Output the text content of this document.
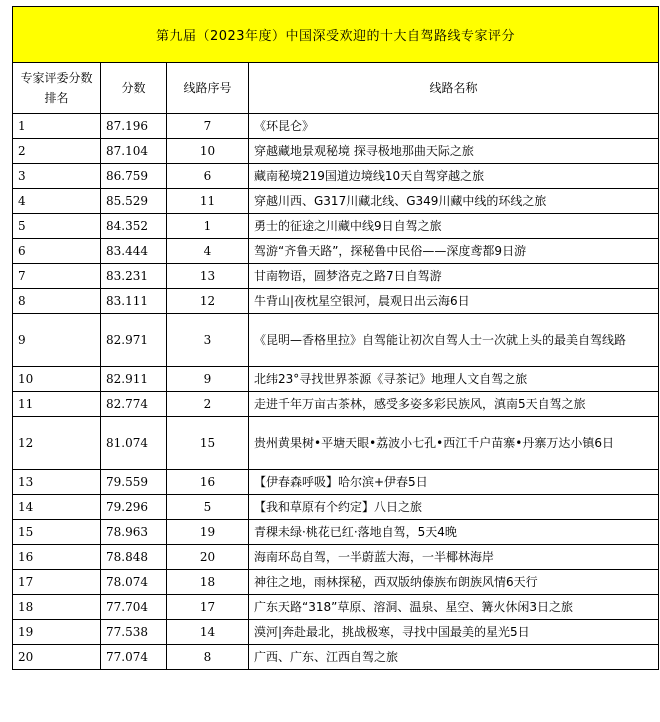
第九届（2023年度）中国深受欢迎的十大自驾路线专家评分			
专家评委分数排名	分数	线路序号	线路名称
1	87.196	7	《环昆仑》
2	87.104	10	穿越藏地景观秘境 探寻极地那曲天际之旅
3	86.759	6	藏南秘境219国道边境线10天自驾穿越之旅
4	85.529	11	穿越川西、G317川藏北线、G349川藏中线的环线之旅
5	84.352	1	勇士的征途之川藏中线9日自驾之旅
6	83.444	4	驾游“齐鲁天路”，探秘鲁中民俗——深度鸢都9日游
7	83.231	13	甘南物语，圆梦洛克之路7日自驾游
8	83.111	12	牛背山|夜枕星空银河，晨观日出云海6日
9	82.971	3	《昆明—香格里拉》自驾能让初次自驾人士一次就上头的最美自驾线路
10	82.911	9	北纬23°寻找世界茶源《寻茶记》地理人文自驾之旅
11	82.774	2	走进千年万亩古茶林，感受多姿多彩民族风，滇南5天自驾之旅
12	81.074	15	贵州黄果树•平塘天眼•荔波小七孔•西江千户苗寨•丹寨万达小镇6日
13	79.559	16	【伊春森呼吸】哈尔滨+伊春5日
14	79.296	5	【我和草原有个约定】八日之旅
15	78.963	19	青稞未绿·桃花已红·落地自驾，5天4晚
16	78.848	20	海南环岛自驾，一半蔚蓝大海，一半椰林海岸
17	78.074	18	神往之地，雨林探秘，西双版纳傣族布朗族风情6天行
18	77.704	17	广东天路“318”草原、溶洞、温泉、星空、篝火休闲3日之旅
19	77.538	14	漠河|奔赴最北，挑战极寒，寻找中国最美的星光5日
20	77.074	8	广西、广东、江西自驾之旅
